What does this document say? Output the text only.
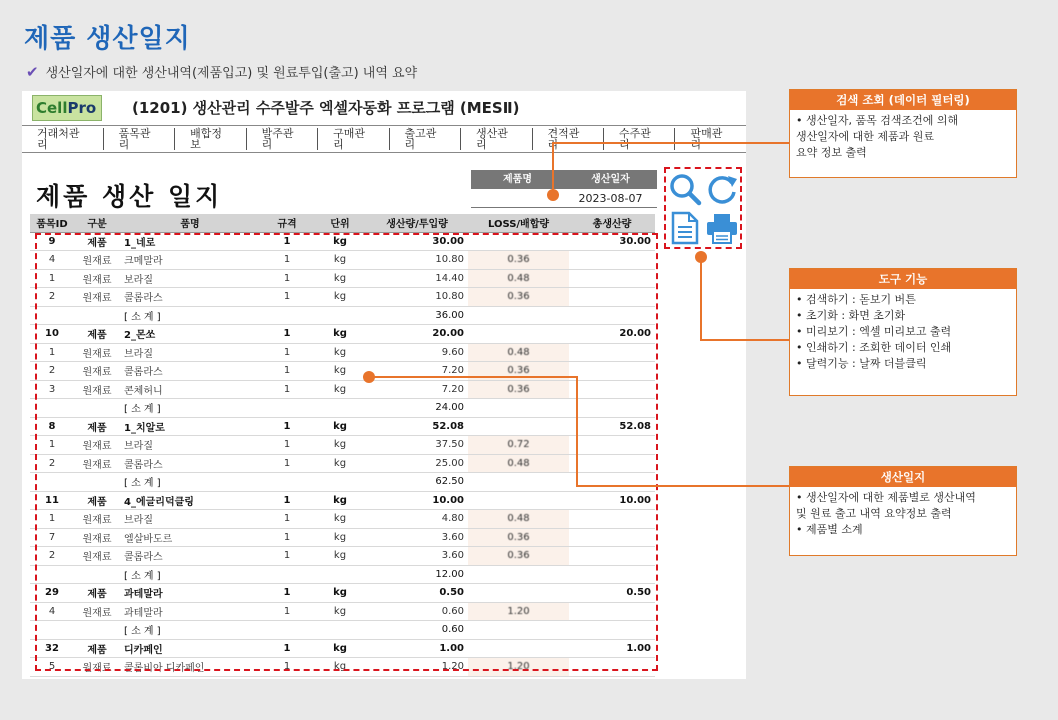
제품 생산일지
✔ 생산일자에 대한 생산내역(제품입고) 및 원료투입(출고) 내역 요약
Cell Pro (1201) 생산관리 수주발주 엑셀자동화 프로그램 (MESⅡ)
거래처관리
품목관리
배합정보
발주관리
구매관리
출고관리
생산관리
견적관리
수주관리
판매관리
제품 생산 일지
제품명	생산일자
2023-08-07
품목ID	구분	품명	규격	단위	생산량/투입량	LOSS/배합량	총생산량
9	제품	1_네로	1	kg	30.00		30.00
4	원재료	크메말라	1	kg	10.80	0.36	
1	원재료	보라질	1	kg	14.40	0.48	
2	원재료	콜롬라스	1	kg	10.80	0.36	
		[ 소 계 ]			36.00		
10	제품	2_몬쏘	1	kg	20.00		20.00
1	원재료	브라질	1	kg	9.60	0.48	
2	원재료	콜롬라스	1	kg	7.20	0.36	
3	원재료	콘체허니	1	kg	7.20	0.36	
		[ 소 계 ]			24.00		
8	제품	1_치알로	1	kg	52.08		52.08
1	원재료	브라질	1	kg	37.50	0.72	
2	원재료	콜롬라스	1	kg	25.00	0.48	
		[ 소 계 ]			62.50		
11	제품	4_에글리덕클링	1	kg	10.00		10.00
1	원재료	브라질	1	kg	4.80	0.48	
7	원재료	엘살바도르	1	kg	3.60	0.36	
2	원재료	콜롬라스	1	kg	3.60	0.36	
		[ 소 계 ]			12.00		
29	제품	과테말라	1	kg	0.50		0.50
4	원재료	과테말라	1	kg	0.60	1.20	
		[ 소 계 ]			0.60		
32	제품	디카페인	1	kg	1.00		1.00
5	원재료	콜롬비아 디카페인	1	kg	1.20	1.20	
검색 조회 (데이터 필터링)
• 생산일자, 품목 검색조건에 의해
생산일자에 대한 제품과 원료
요약 정보 출력
도구 기능
• 검색하기 : 돋보기 버튼
• 초기화 : 화면 초기화
• 미리보기 : 엑셀 미리보고 출력
• 인쇄하기 : 조회한 데이터 인쇄
• 달력기능 : 날짜 더블클릭
생산일지
• 생산일자에 대한 제품별로 생산내역
및 원료 출고 내역 요약정보 출력
• 제품별 소계
